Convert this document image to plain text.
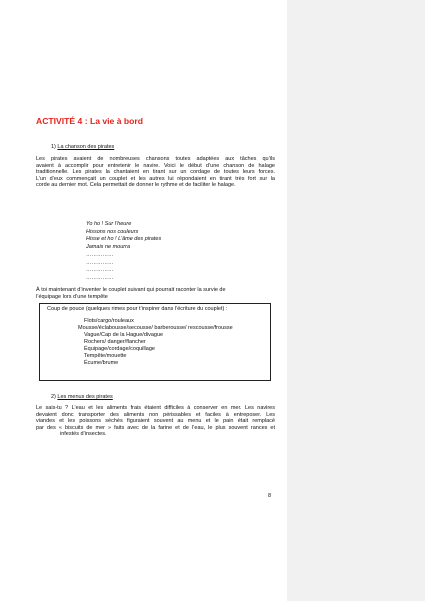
ACTIVITÉ 4 : La vie à bord
1) La chanson des pirates
Les pirates avaient de nombreuses chansons toutes adaptées aux tâches qu’ils
avaient à accomplir pour entretenir le navire. Voici le début d’une chanson de halage
traditionnelle. Les pirates la chantaient en tirant sur un cordage de toutes leurs forces.
L’un d’eux commençait un couplet et les autres lui répondaient en tirant très fort sur la
corde au dernier mot. Cela permettait de donner le rythme et de faciliter le halage.
Yo ho ! Sur l’heure
Hissons nos couleurs
Hisse et ho ! L’âme des pirates
Jamais ne mourra
……………
……………
……………
……………
À toi maintenant d’inventer le couplet suivant qui pourrait raconter la survie de
l’équipage lors d’une tempête
Coup de pouce (quelques rimes pour t’inspirer dans l’écriture du couplet) :
Flots/cargo/rouleaux
Mousse/éclabousse/secousse/ barberousse/ rescousse/frousse
Vague/Cap de la Hague/divague
Rochers/ danger/flancher
Équipage/cordage/coquillage
Tempête/mouette
Écume/brume
2) Les menus des pirates
Le sais-tu ? L’eau et les aliments frais étaient difficiles à conserver en mer. Les navires
devaient donc transporter des aliments non périssables et faciles à entreposer. Les
viandes et les poissons séchés figuraient souvent au menu et le pain était remplacé
par des « biscuits de mer » faits avec de la farine et de l’eau, le plus souvent rances et
infestés d’insectes.
8
